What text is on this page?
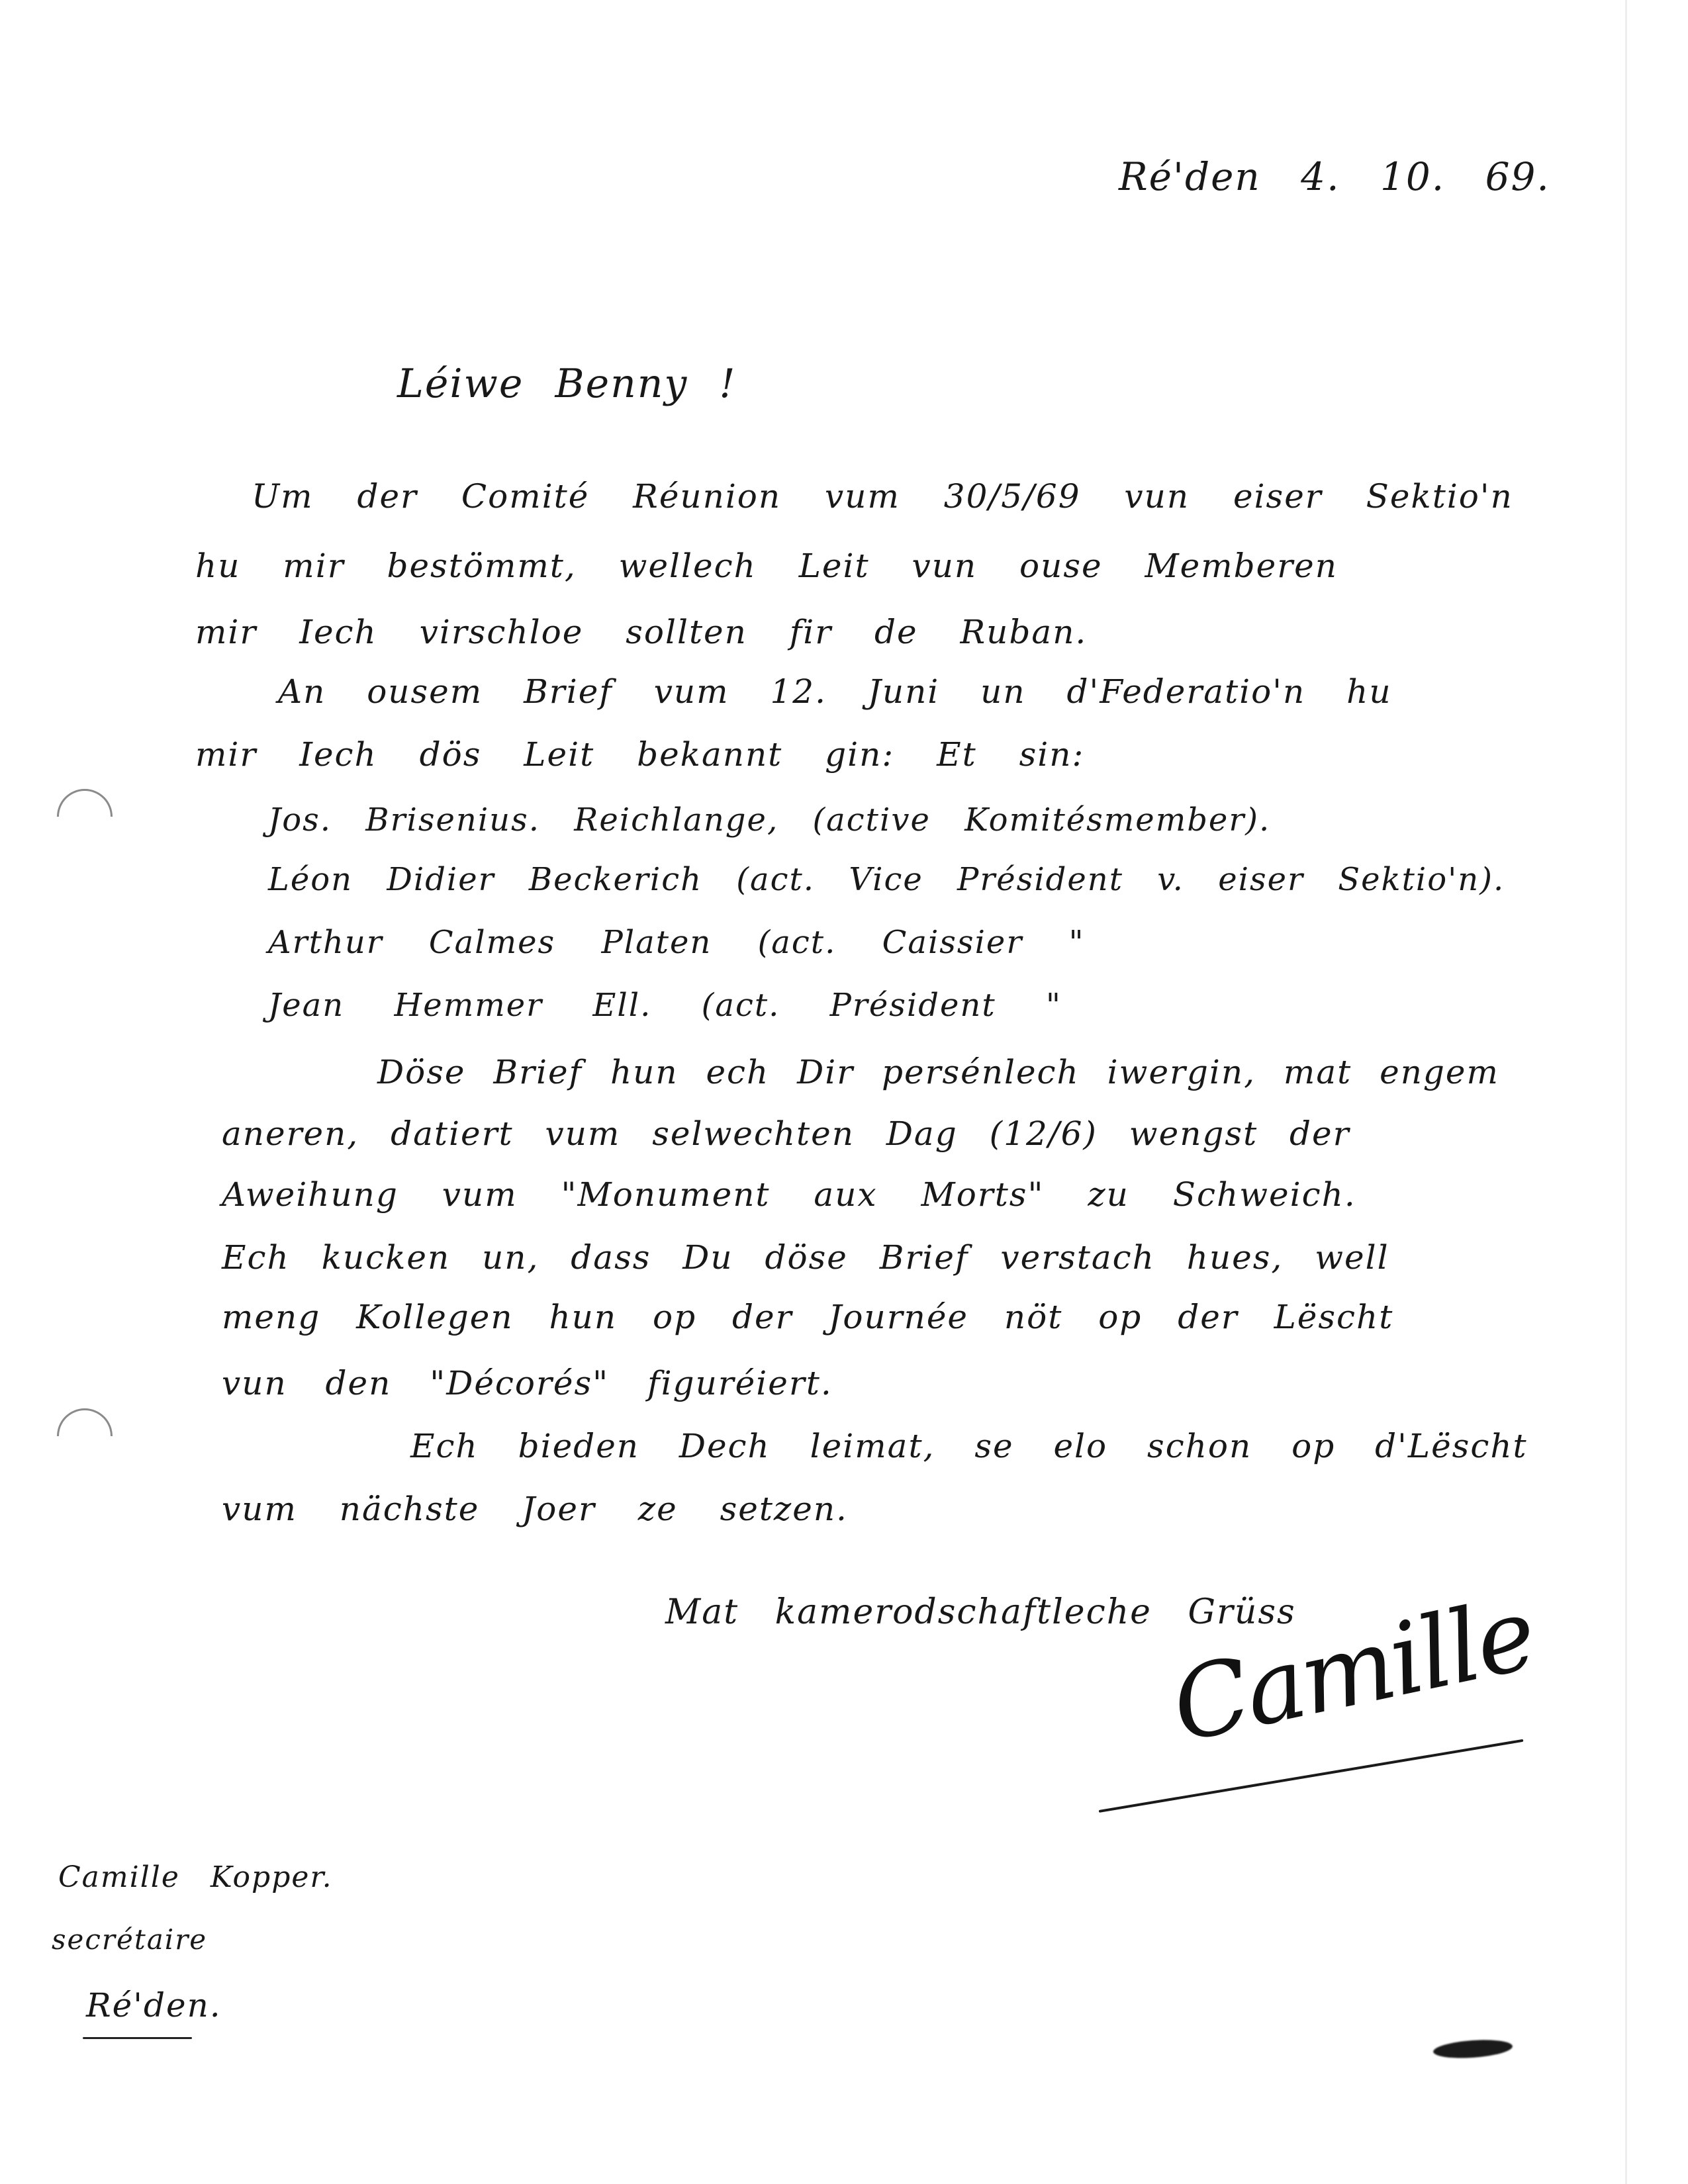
Ré'den 4. 10. 69.
Léiwe Benny !
Um der Comité Réunion vum 30/5/69 vun eiser Sektio'n
hu mir bestömmt, wellech Leit vun ouse Memberen
mir Iech virschloe sollten fir de Ruban.
An ousem Brief vum 12. Juni un d'Federatio'n hu
mir Iech dös Leit bekannt gin: Et sin:
Jos. Brisenius. Reichlange, (active Komitésmember).
Léon Didier Beckerich (act. Vice Président v. eiser Sektio'n).
Arthur Calmes Platen (act. Caissier "
Jean Hemmer Ell. (act. Président "
Döse Brief hun ech Dir persénlech iwergin, mat engem
aneren, datiert vum selwechten Dag (12/6) wengst der
Aweihung vum "Monument aux Morts" zu Schweich.
Ech kucken un, dass Du döse Brief verstach hues, well
meng Kollegen hun op der Journée nöt op der Lëscht
vun den "Décorés" figuréiert.
Ech bieden Dech leimat, se elo schon op d'Lëscht
vum nächste Joer ze setzen.
Mat kamerodschaftleche Grüss
Camille
Camille Kopper.
secrétaire
Ré'den.
